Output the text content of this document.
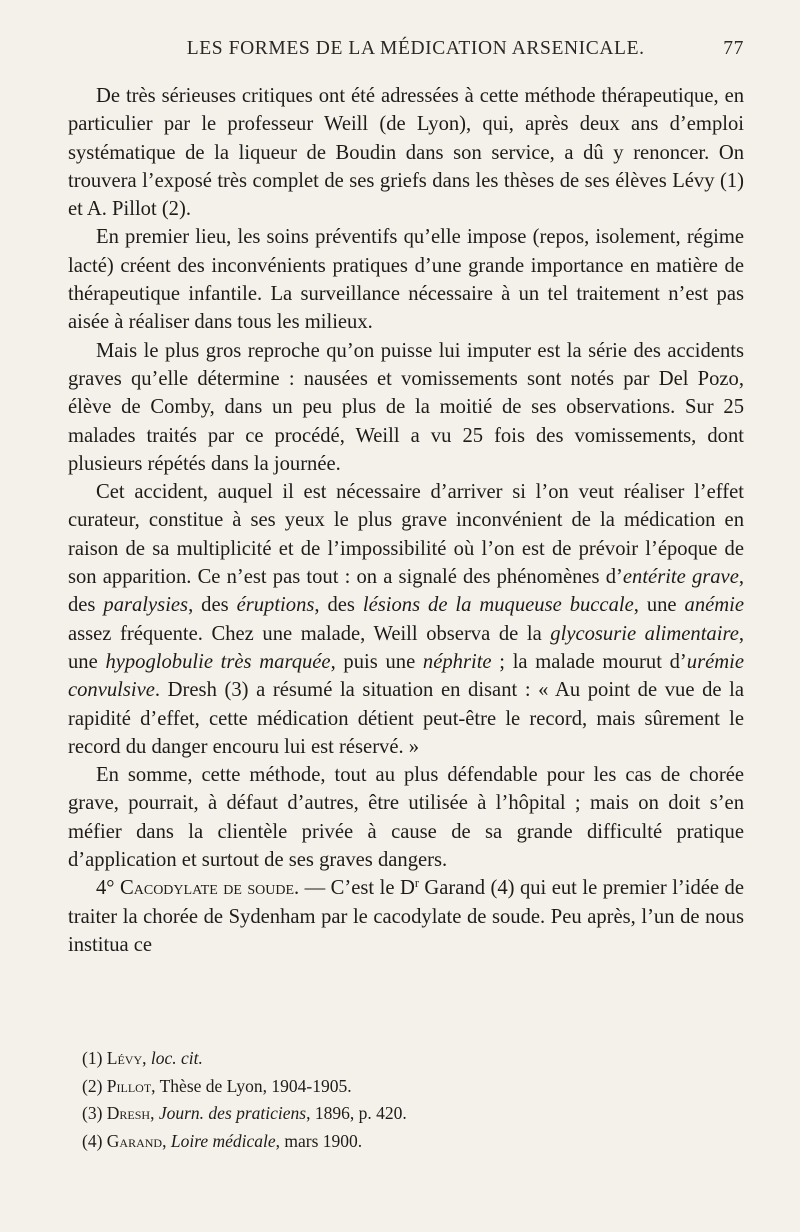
LES FORMES DE LA MÉDICATION ARSENICALE.	77

De très sérieuses critiques ont été adressées à cette méthode thérapeutique, en particulier par le professeur Weill (de Lyon), qui, après deux ans d’emploi systématique de la liqueur de Boudin dans son service, a dû y renoncer. On trouvera l’exposé très complet de ses griefs dans les thèses de ses élèves Lévy (1) et A. Pillot (2).

En premier lieu, les soins préventifs qu’elle impose (repos, isolement, régime lacté) créent des inconvénients pratiques d’une grande importance en matière de thérapeutique infantile. La surveillance nécessaire à un tel traitement n’est pas aisée à réaliser dans tous les milieux.

Mais le plus gros reproche qu’on puisse lui imputer est la série des accidents graves qu’elle détermine : nausées et vomissements sont notés par Del Pozo, élève de Comby, dans un peu plus de la moitié de ses observations. Sur 25 malades traités par ce procédé, Weill a vu 25 fois des vomissements, dont plusieurs répétés dans la journée.

Cet accident, auquel il est nécessaire d’arriver si l’on veut réaliser l’effet curateur, constitue à ses yeux le plus grave inconvénient de la médication en raison de sa multiplicité et de l’impossibilité où l’on est de prévoir l’époque de son apparition. Ce n’est pas tout : on a signalé des phénomènes d’entérite grave, des paralysies, des éruptions, des lésions de la muqueuse buccale, une anémie assez fréquente. Chez une malade, Weill observa de la glycosurie alimentaire, une hypoglobulie très marquée, puis une néphrite ; la malade mourut d’urémie convulsive. Dresh (3) a résumé la situation en disant : « Au point de vue de la rapidité d’effet, cette médication détient peut-être le record, mais sûrement le record du danger encouru lui est réservé. »

En somme, cette méthode, tout au plus défendable pour les cas de chorée grave, pourrait, à défaut d’autres, être utilisée à l’hôpital ; mais on doit s’en méfier dans la clientèle privée à cause de sa grande difficulté pratique d’application et surtout de ses graves dangers.

4° Cacodylate de soude. — C’est le $D^r$ Garand (4) qui eut le premier l’idée de traiter la chorée de Sydenham par le cacodylate de soude. Peu après, l’un de nous institua ce

(1) Lévy, loc. cit.
(2) Pillot, Thèse de Lyon, 1904-1905.
(3) Dresh, Journ. des praticiens, 1896, p. 420.
(4) Garand, Loire médicale, mars 1900.
